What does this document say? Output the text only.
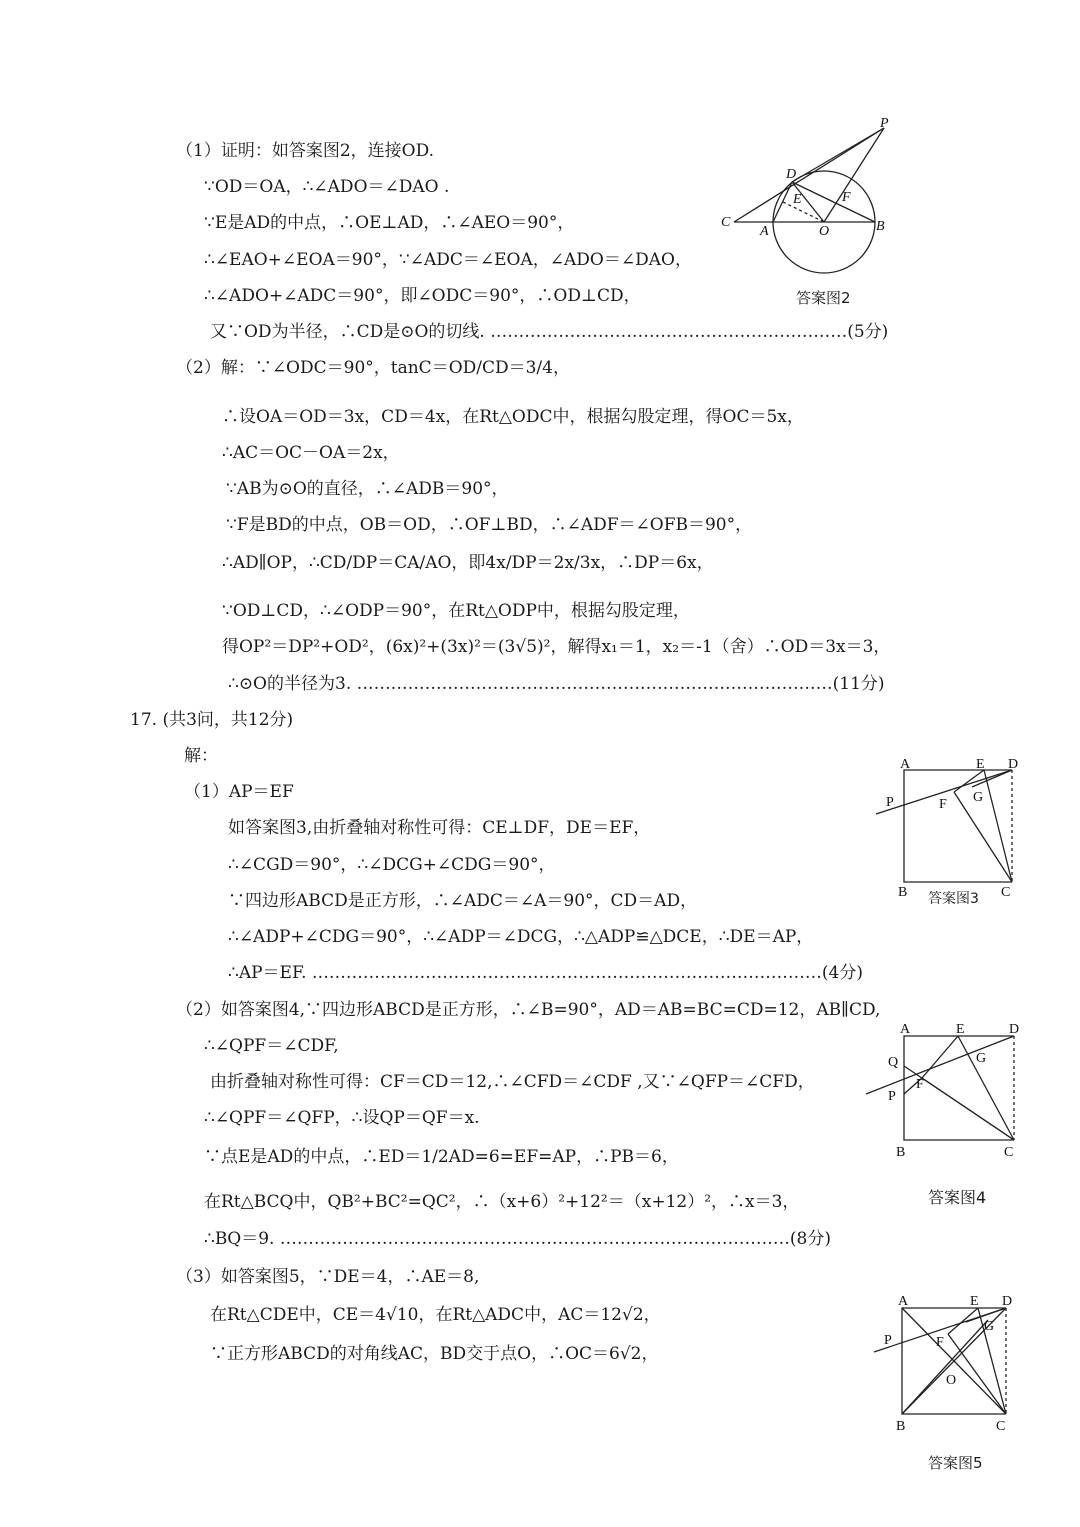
（1）证明：如答案图2，连接OD.
∵OD＝OA，∴∠ADO＝∠DAO .
∵E是AD的中点，∴OE⊥AD，∴∠AEO＝90°，
∴∠EAO+∠EOA＝90°，∵∠ADC＝∠EOA，∠ADO＝∠DAO，
∴∠ADO+∠ADC＝90°，即∠ODC＝90°，∴OD⊥CD，
又∵OD为半径，∴CD是⊙O的切线. ………………………………………………………(5分)
（2）解：∵∠ODC＝90°，tanC＝OD/CD＝3/4，
∴设OA＝OD＝3x，CD＝4x，在Rt△ODC中，根据勾股定理，得OC＝5x，
∴AC＝OC－OA＝2x，
∵AB为⊙O的直径，∴∠ADB＝90°，
∵F是BD的中点，OB＝OD，∴OF⊥BD，∴∠ADF＝∠OFB＝90°，
∴AD∥OP，∴CD/DP＝CA/AO，即4x/DP＝2x/3x，∴DP＝6x，
∵OD⊥CD，∴∠ODP＝90°，在Rt△ODP中，根据勾股定理，
得OP²＝DP²+OD²，(6x)²+(3x)²＝(3√5)²，解得x₁＝1，x₂＝-1（舍）∴OD＝3x＝3，
∴⊙O的半径为3. …………………………………………………………………………(11分)
17. (共3问，共12分)
解：
（1）AP＝EF
如答案图3,由折叠轴对称性可得：CE⊥DF，DE＝EF，
∴∠CGD＝90°，∴∠DCG+∠CDG＝90°，
∵四边形ABCD是正方形，∴∠ADC＝∠A＝90°，CD＝AD，
∴∠ADP+∠CDG＝90°，∴∠ADP＝∠DCG，∴△ADP≌△DCE，∴DE＝AP，
∴AP＝EF. ………………………………………………………………………………(4分)
（2）如答案图4,∵四边形ABCD是正方形，∴∠B=90°，AD＝AB=BC=CD=12，AB∥CD,
∴∠QPF＝∠CDF,
由折叠轴对称性可得：CF＝CD＝12,∴∠CFD＝∠CDF ,又∵∠QFP＝∠CFD，
∴∠QPF＝∠QFP，∴设QP＝QF＝x.
∵点E是AD的中点，∴ED＝1/2AD=6=EF=AP，∴PB＝6，
在Rt△BCQ中，QB²+BC²=QC²，∴（x+6）²+12²＝（x+12）²，∴x＝3，
∴BQ＝9. ………………………………………………………………………………(8分)
（3）如答案图5，∵DE＝4，∴AE＝8,
在Rt△CDE中，CE＝4√10，在Rt△ADC中，AC＝12√2，
∵正方形ABCD的对角线AC，BD交于点O，∴OC＝6√2，
P
D
E	F
C
A	O	B
答案图2
A	E D
P	F G
B	C
答案图3
A	E	D
Q	G
F
P
B	C
答案图4
A	E D
P	F
G
O
B	C
答案图5
